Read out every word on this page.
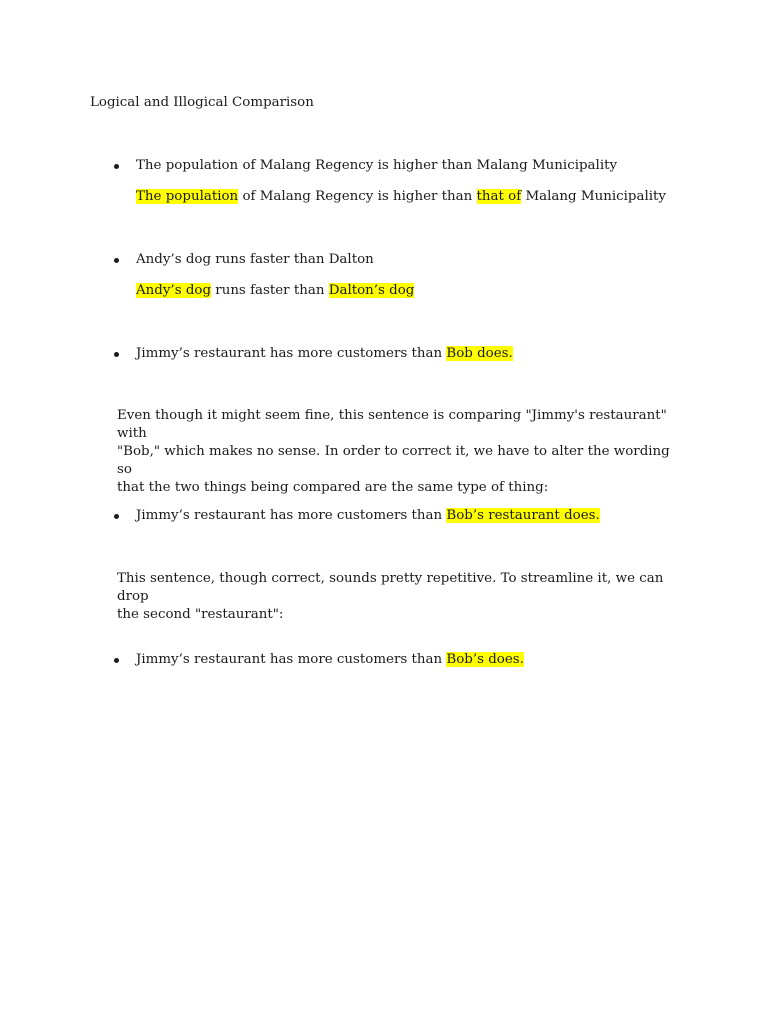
Logical and Illogical Comparison
The population of Malang Regency is higher than Malang Municipality
The population of Malang Regency is higher than that of Malang Municipality
Andy’s dog runs faster than Dalton
Andy’s dog runs faster than Dalton’s dog
Jimmy’s restaurant has more customers than Bob does.
Even though it might seem fine, this sentence is comparing "Jimmy's restaurant" with
"Bob," which makes no sense. In order to correct it, we have to alter the wording so
that the two things being compared are the same type of thing:
Jimmy’s restaurant has more customers than Bob’s restaurant does.
This sentence, though correct, sounds pretty repetitive. To streamline it, we can drop
the second "restaurant":
Jimmy’s restaurant has more customers than Bob’s does.
